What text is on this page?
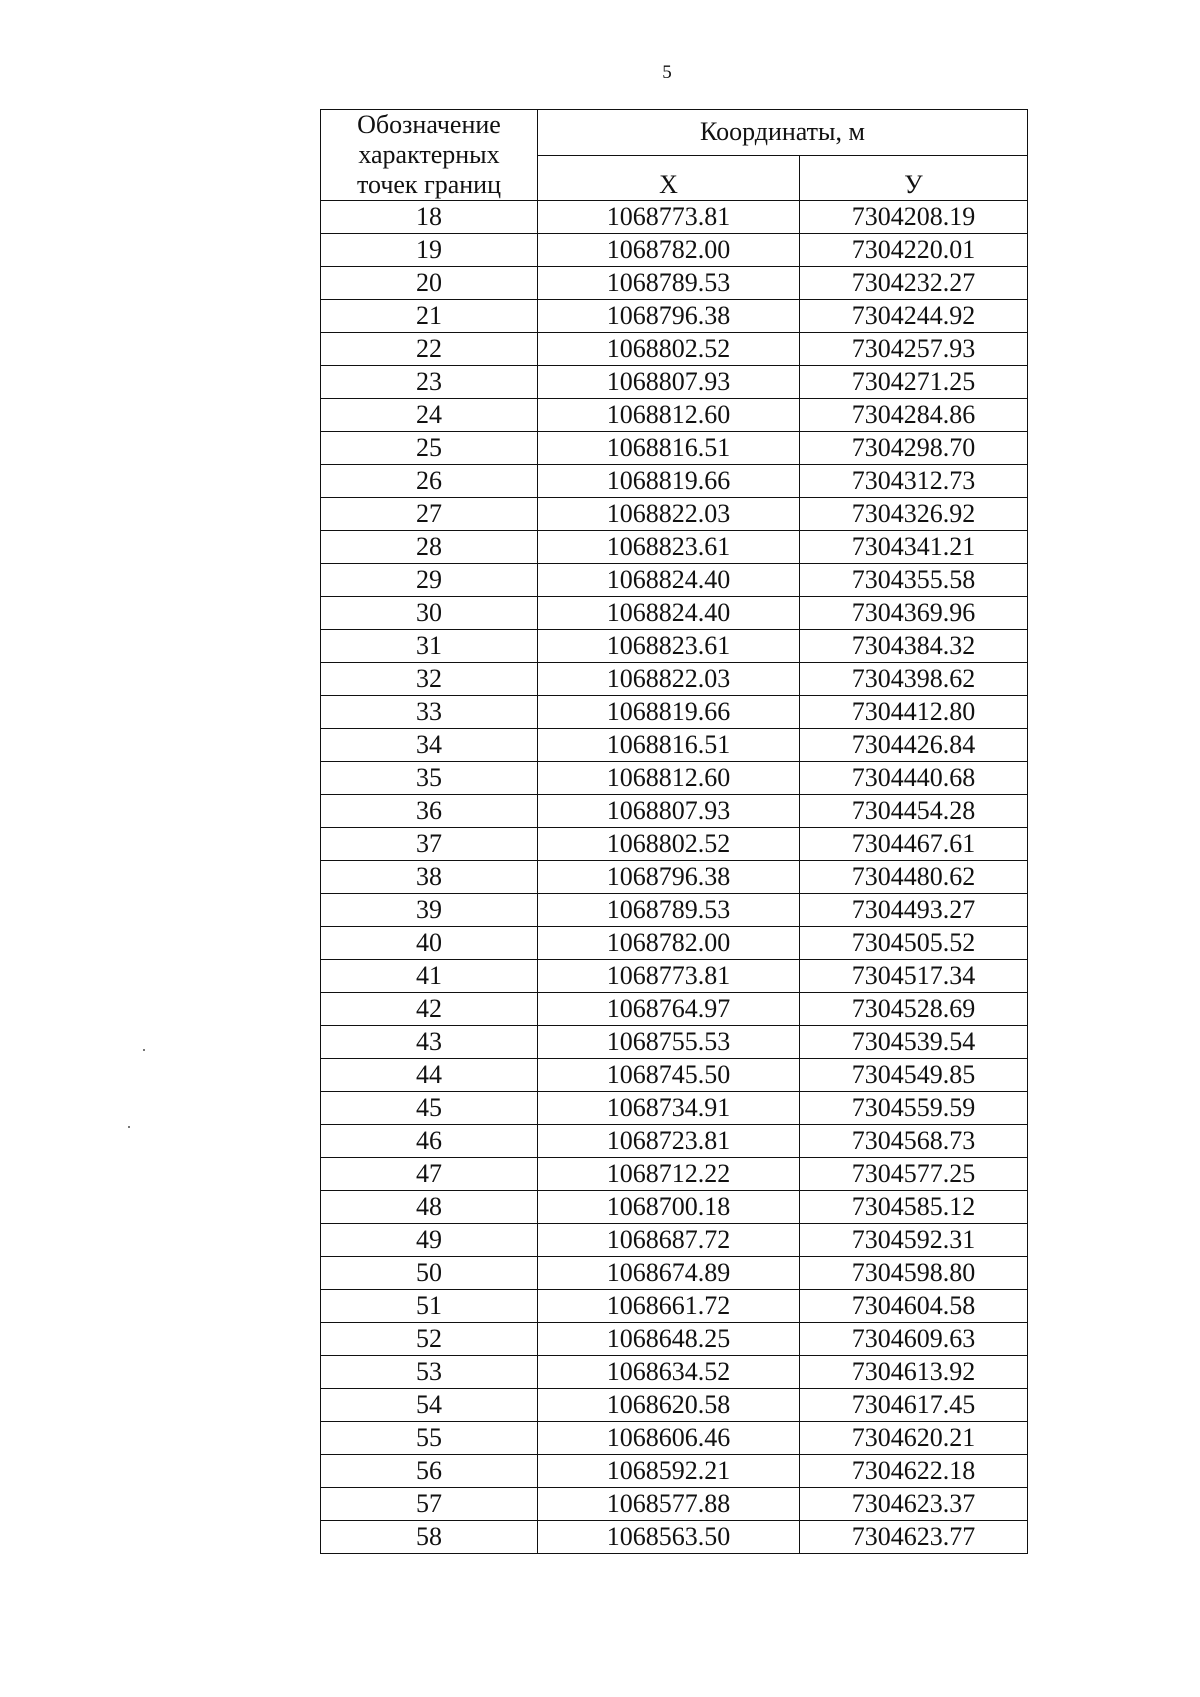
5
Обозначение
характерных
точек границ	Координаты, м	
	Х	У
18	1068773.81	7304208.19
19	1068782.00	7304220.01
20	1068789.53	7304232.27
21	1068796.38	7304244.92
22	1068802.52	7304257.93
23	1068807.93	7304271.25
24	1068812.60	7304284.86
25	1068816.51	7304298.70
26	1068819.66	7304312.73
27	1068822.03	7304326.92
28	1068823.61	7304341.21
29	1068824.40	7304355.58
30	1068824.40	7304369.96
31	1068823.61	7304384.32
32	1068822.03	7304398.62
33	1068819.66	7304412.80
34	1068816.51	7304426.84
35	1068812.60	7304440.68
36	1068807.93	7304454.28
37	1068802.52	7304467.61
38	1068796.38	7304480.62
39	1068789.53	7304493.27
40	1068782.00	7304505.52
41	1068773.81	7304517.34
42	1068764.97	7304528.69
43	1068755.53	7304539.54
44	1068745.50	7304549.85
45	1068734.91	7304559.59
46	1068723.81	7304568.73
47	1068712.22	7304577.25
48	1068700.18	7304585.12
49	1068687.72	7304592.31
50	1068674.89	7304598.80
51	1068661.72	7304604.58
52	1068648.25	7304609.63
53	1068634.52	7304613.92
54	1068620.58	7304617.45
55	1068606.46	7304620.21
56	1068592.21	7304622.18
57	1068577.88	7304623.37
58	1068563.50	7304623.77
